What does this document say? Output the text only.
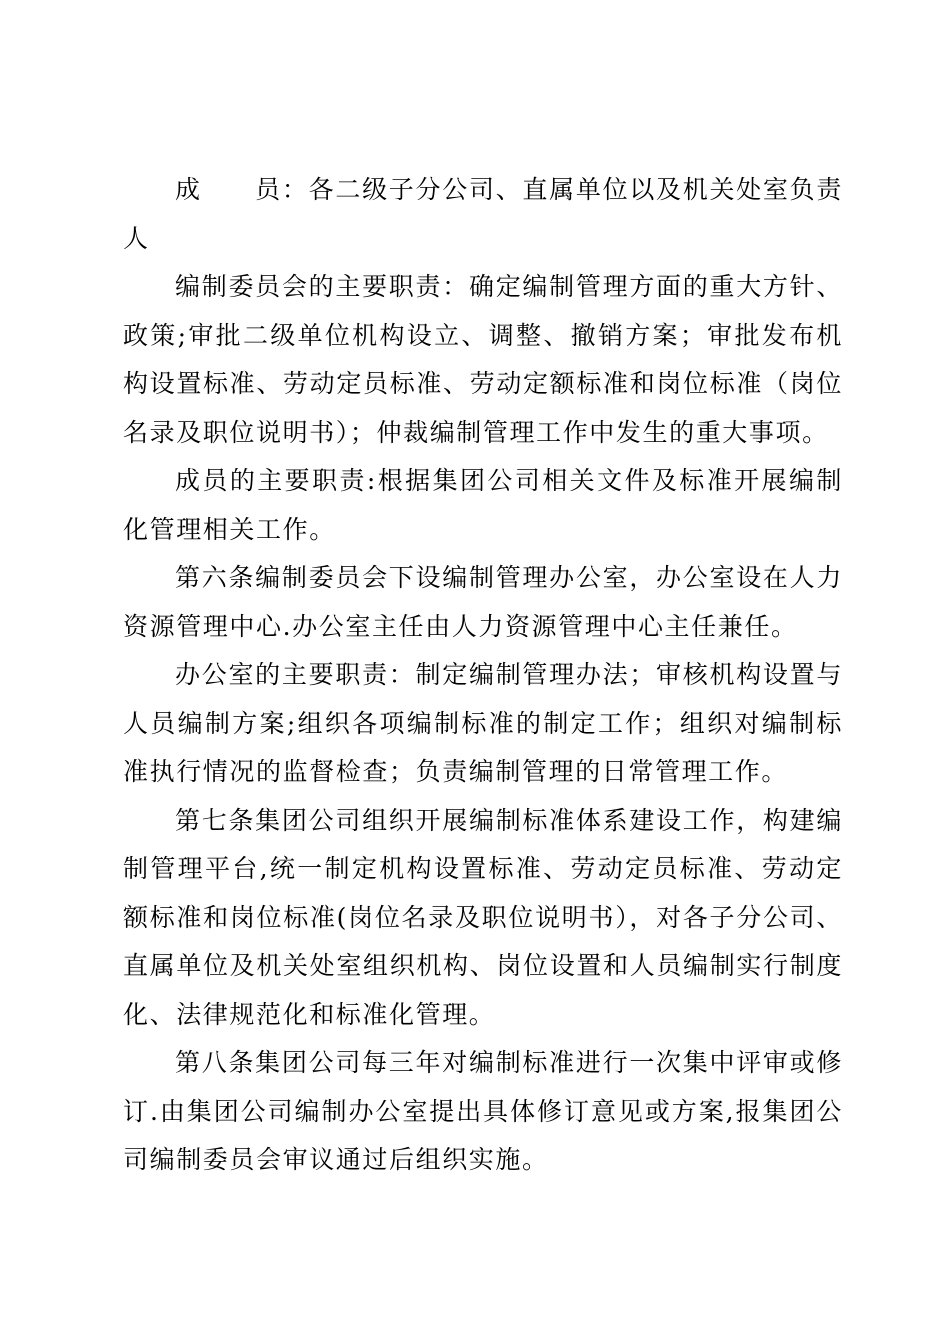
成　　员：各二级子分公司、直属单位以及机关处室负责人

编制委员会的主要职责：确定编制管理方面的重大方针、政策;审批二级单位机构设立、调整、撤销方案；审批发布机构设置标准、劳动定员标准、劳动定额标准和岗位标准（岗位名录及职位说明书）；仲裁编制管理工作中发生的重大事项。

成员的主要职责:根据集团公司相关文件及标准开展编制化管理相关工作。

第六条编制委员会下设编制管理办公室，办公室设在人力资源管理中心.办公室主任由人力资源管理中心主任兼任。

办公室的主要职责：制定编制管理办法；审核机构设置与人员编制方案;组织各项编制标准的制定工作；组织对编制标准执行情况的监督检查；负责编制管理的日常管理工作。

第七条集团公司组织开展编制标准体系建设工作，构建编制管理平台,统一制定机构设置标准、劳动定员标准、劳动定额标准和岗位标准(岗位名录及职位说明书），对各子分公司、直属单位及机关处室组织机构、岗位设置和人员编制实行制度化、法律规范化和标准化管理。

第八条集团公司每三年对编制标准进行一次集中评审或修订.由集团公司编制办公室提出具体修订意见或方案,报集团公司编制委员会审议通过后组织实施。
